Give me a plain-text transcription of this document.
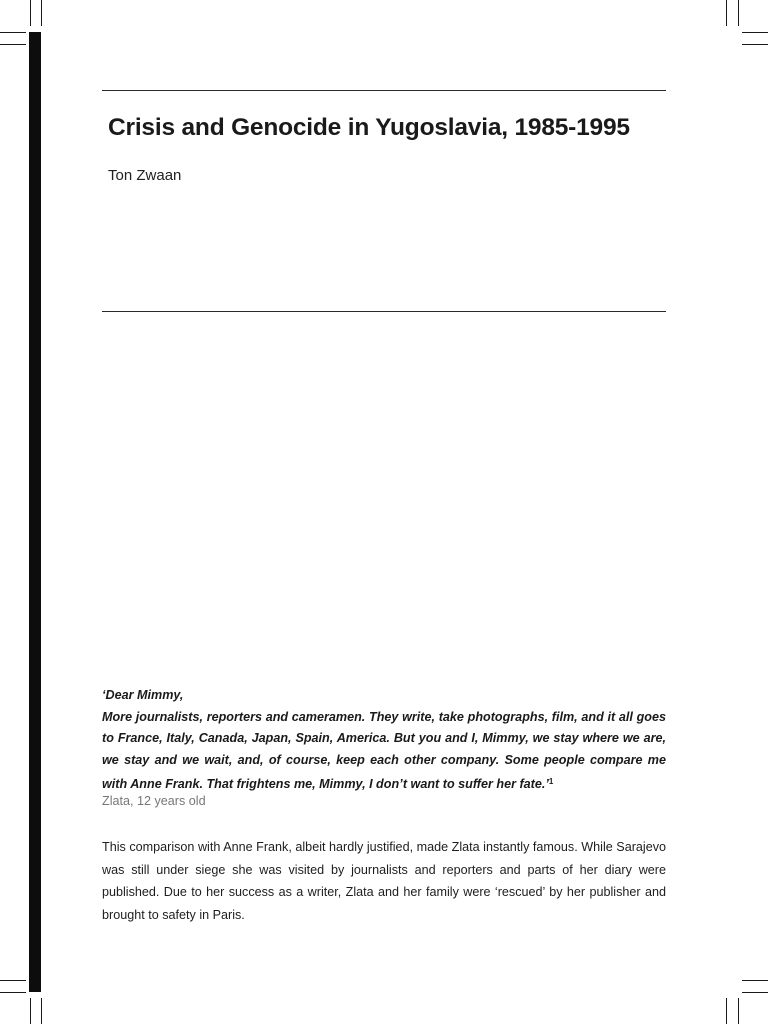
Crisis and Genocide in Yugoslavia, 1985-1995
Ton Zwaan

‘Dear Mimmy,

More journalists, reporters and cameramen. They write, take photographs, film, and it all goes to France, Italy, Canada, Japan, Spain, America. But you and I, Mimmy, we stay where we are, we stay and we wait, and, of course, keep each other company. Some people compare me with Anne Frank. That frightens me, Mimmy, I don’t want to suffer her fate.’$^1$

Zlata, 12 years old

This comparison with Anne Frank, albeit hardly justified, made Zlata instantly famous. While Sarajevo was still under siege she was visited by journalists and reporters and parts of her diary were published. Due to her success as a writer, Zlata and her family were ‘rescued’ by her publisher and brought to safety in Paris.
